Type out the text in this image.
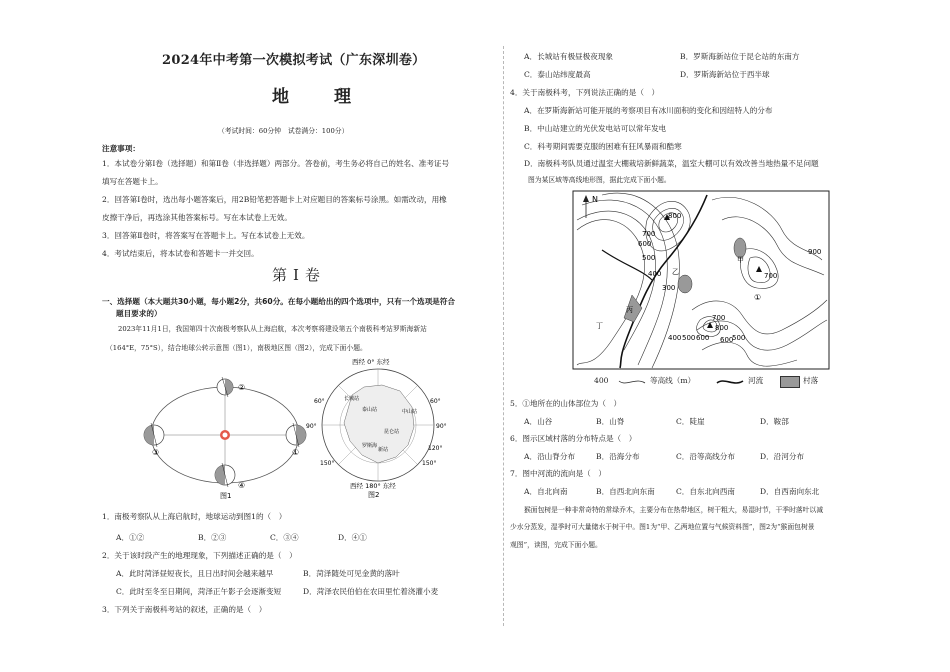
2024年中考第一次模拟考试（广东深圳卷）
地　理
（考试时间：60分钟　试卷满分：100分）
注意事项：
1．本试卷分第Ⅰ卷（选择题）和第Ⅱ卷（非选择题）两部分。答卷前，考生务必将自己的姓名、准考证号
填写在答题卡上。
2．回答第Ⅰ卷时，选出每小题答案后，用2B铅笔把答题卡上对应题目的答案标号涂黑。如需改动，用橡
皮擦干净后，再选涂其他答案标号。写在本试卷上无效。
3．回答第Ⅱ卷时，将答案写在答题卡上。写在本试卷上无效。
4．考试结束后，将本试卷和答题卡一并交回。
第Ⅰ卷
一、选择题（本大题共30小题，每小题2分，共60分。在每小题给出的四个选项中，只有一个选项是符合
题目要求的）
2023年11月1日，我国第四十次南极考察队从上海启航，本次考察将建设第五个南极科考站罗斯海新站
（164°E，75°S），结合地球公转示意图（图1），南极地区图（图2），完成下面小题。
②
③	①
④
图1
西经 0° 东经
60°	60°
90°	90°
150°	150°
120°
长城站
泰山站	中山站
昆仑站
罗斯海
新站
西经 180° 东经
图2
1．南极考察队从上海启航时，地球运动到图1的（　）
A．①②	B．②③	C．③④	D．④①
2．关于该时段产生的地理现象，下列描述正确的是（　）
A．此时菏泽昼短夜长，且日出时间会越来越早	B．菏泽随处可见金黄的落叶
C．此时至冬至日期间，菏泽正午影子会逐渐变短	D．菏泽农民伯伯在农田里忙着浇灌小麦
3．下列关于南极科考站的叙述，正确的是（　）
A．长城站有极昼极夜现象	B．罗斯海新站位于昆仑站的东南方
C．泰山站纬度最高	D．罗斯海新站位于西半球
4．关于南极科考，下列说法正确的是（　）
A．在罗斯海新站可能开展的考察项目有冰川面积的变化和因纽特人的分布
B．中山站建立的光伏发电站可以常年发电
C．科考期间需要克服的困难有狂风暴雨和酷寒
D．南极科考队员通过温室大棚栽培新鲜蔬菜，温室大棚可以有效改善当地热量不足问题
图为某区域等高线地形图，据此完成下面小题。
N
800
700
600
500
400
300
900
700
400 500 600
700
800
600
500
甲
乙
丙
丁
①
400	等高线（m）	河流	村落
5．①地所在的山体部位为（　）
A．山谷	B．山脊	C．陡崖	D．鞍部
6．图示区域村落的分布特点是（　）
A．沿山脊分布	B．沿海分布	C．沿等高线分布	D．沿河分布
7．图中河流的流向是（　）
A．自北向南	B．自西北向东南	C．自东北向西南	D．自西南向东北
猴面包树是一种非常奇特的常绿乔木，主要分布在热带地区，树干粗大，易湿时节，干季时落叶以减
少水分蒸发，湿季时可大量储水于树干中。图1为“甲、乙两地位置与气候资料图”，图2为“猴面包树景
观图”，读图，完成下面小题。
